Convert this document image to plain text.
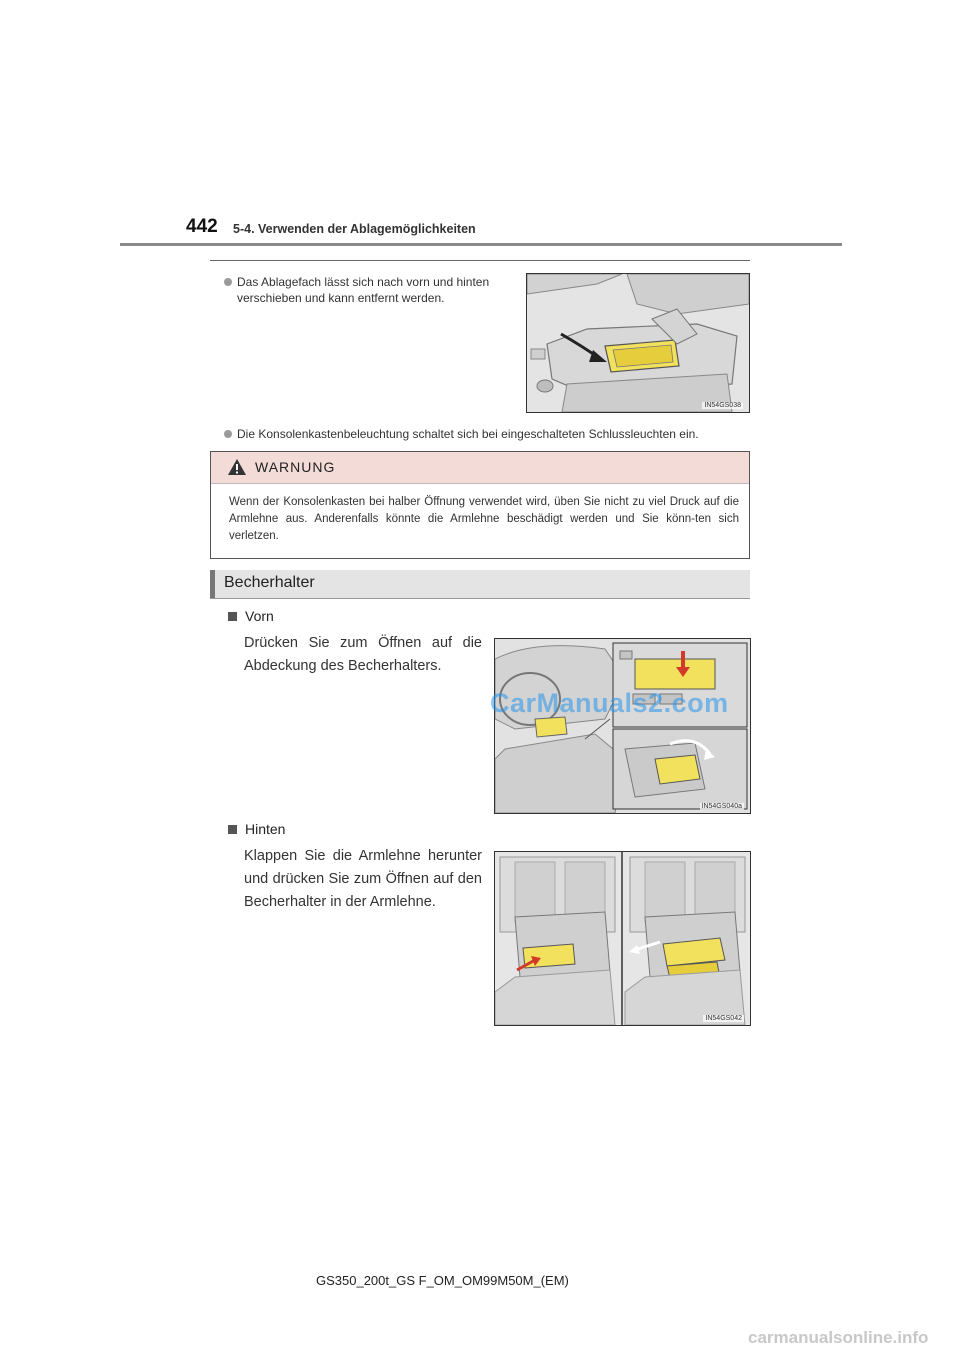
442 5-4. Verwenden der Ablagemöglichkeiten
Das Ablagefach lässt sich nach vorn und hinten
verschieben und kann entfernt werden.
IN54GS038
Die Konsolenkastenbeleuchtung schaltet sich bei eingeschalteten Schlussleuchten ein.
WARNUNG
Wenn der Konsolenkasten bei halber Öffnung verwendet wird, üben Sie nicht zu viel Druck auf die Armlehne aus. Anderenfalls könnte die Armlehne beschädigt werden und Sie könn-ten sich verletzen.
Becherhalter
Vorn
Drücken Sie zum Öffnen auf die Abdeckung des Becherhalters.
IN54GS040a
Hinten
Klappen Sie die Armlehne herunter und drücken Sie zum Öffnen auf den Becherhalter in der Armlehne.
IN54GS042
CarManuals2.com
GS350_200t_GS F_OM_OM99M50M_(EM)
carmanualsonline.info
